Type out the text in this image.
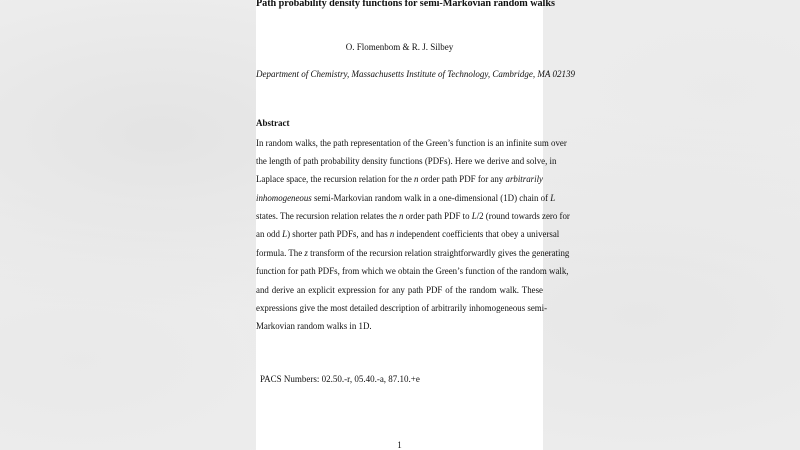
Path probability density functions for semi-Markovian random walks
O. Flomenbom & R. J. Silbey
Department of Chemistry, Massachusetts Institute of Technology, Cambridge, MA 02139
Abstract
In random walks, the path representation of the Green’s function is an infinite sum over
the length of path probability density functions (PDFs). Here we derive and solve, in
Laplace space, the recursion relation for the n order path PDF for any arbitrarily
inhomogeneous semi-Markovian random walk in a one-dimensional (1D) chain of L
states. The recursion relation relates the n order path PDF to L/2 (round towards zero for
an odd L) shorter path PDFs, and has n independent coefficients that obey a universal
formula. The z transform of the recursion relation straightforwardly gives the generating
function for path PDFs, from which we obtain the Green’s function of the random walk,
and derive an explicit expression for any path PDF of the random walk. These
expressions give the most detailed description of arbitrarily inhomogeneous semi-
Markovian random walks in 1D.
PACS Numbers: 02.50.-r, 05.40.-a, 87.10.+e
1
